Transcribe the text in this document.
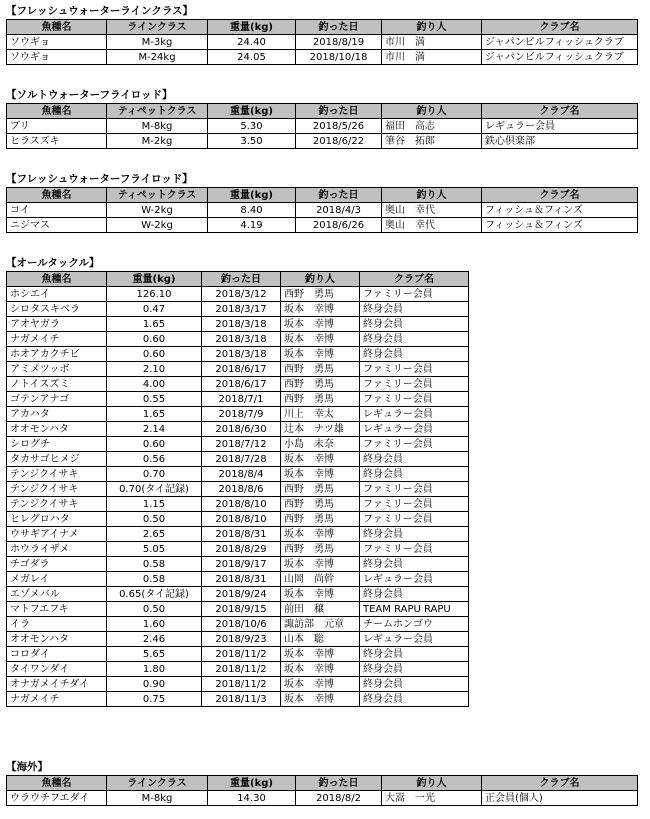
【フレッシュウォーターラインクラス】
魚種名	ラインクラス	重量(kg)	釣った日	釣り人	クラブ名
ソウギョ	M-3kg	24.40	2018/8/19	市川　満	ジャパンビルフィッシュクラブ
ソウギョ	M-24kg	24.05	2018/10/18	市川　満	ジャパンビルフィッシュクラブ
【ソルトウォーターフライロッド】
魚種名	ティペットクラス	重量(kg)	釣った日	釣り人	クラブ名
ブリ	M-8kg	5.30	2018/5/26	福田　高志	レギュラー会員
ヒラスズキ	M-2kg	3.50	2018/6/22	筆谷　拓郎	鉄心倶楽部
【フレッシュウォーターフライロッド】
魚種名	ティペットクラス	重量(kg)	釣った日	釣り人	クラブ名
コイ	W-2kg	8.40	2018/4/3	奥山　幸代	フィッシュ＆フィンズ
ニジマス	W-2kg	4.19	2018/6/26	奥山　幸代	フィッシュ＆フィンズ
【オールタックル】
魚種名	重量(kg)	釣った日	釣り人	クラブ名
ホシエイ	126.10	2018/3/12	西野　勇馬	ファミリー会員
シロタスキベラ	0.47	2018/3/17	坂本　幸博	終身会員
アオヤガラ	1.65	2018/3/18	坂本　幸博	終身会員
ナガメイチ	0.60	2018/3/18	坂本　幸博	終身会員
ホオアカクチビ	0.60	2018/3/18	坂本　幸博	終身会員
アミメツッボ	2.10	2018/6/17	西野　勇馬	ファミリー会員
ノトイスズミ	4.00	2018/6/17	西野　勇馬	ファミリー会員
ゴテンアナゴ	0.55	2018/7/1	西野　勇馬	ファミリー会員
アカハタ	1.65	2018/7/9	川上　幸太	レギュラー会員
オオモンハタ	2.14	2018/6/30	辻本　ナツ雄	レギュラー会員
シログチ	0.60	2018/7/12	小島　未奈	ファミリー会員
タカサゴヒメジ	0.56	2018/7/28	坂本　幸博	終身会員
テンジクイサキ	0.70	2018/8/4	坂本　幸博	終身会員
テンジクイサキ	0.70(タイ記録)	2018/8/6	西野　勇馬	ファミリー会員
テンジクイサキ	1.15	2018/8/10	西野　勇馬	ファミリー会員
ヒレグロハタ	0.50	2018/8/10	西野　勇馬	ファミリー会員
ウサギアイナメ	2.65	2018/8/31	坂本　幸博	終身会員
ホウライザメ	5.05	2018/8/29	西野　勇馬	ファミリー会員
チゴダラ	0.58	2018/9/17	坂本　幸博	終身会員
メガレイ	0.58	2018/8/31	山岡　尚幹	レギュラー会員
エゾメバル	0.65(タイ記録)	2018/9/24	坂本　幸博	終身会員
マトフエフキ	0.50	2018/9/15	前田　穣	TEAM RAPU RAPU
イラ	1.60	2018/10/6	諏訪部　元章	チームホンゴウ
オオモンハタ	2.46	2018/9/23	山本　聡	レギュラー会員
コロダイ	5.65	2018/11/2	坂本　幸博	終身会員
タイワンダイ	1.80	2018/11/2	坂本　幸博	終身会員
オナガメイチダイ	0.90	2018/11/2	坂本　幸博	終身会員
ナガメイチ	0.75	2018/11/3	坂本　幸博	終身会員
【海外】
魚種名	ラインクラス	重量(kg)	釣った日	釣り人	クラブ名
ウラウチフエダイ	M-8kg	14.30	2018/8/2	大嵩　一光	正会員(個人)
